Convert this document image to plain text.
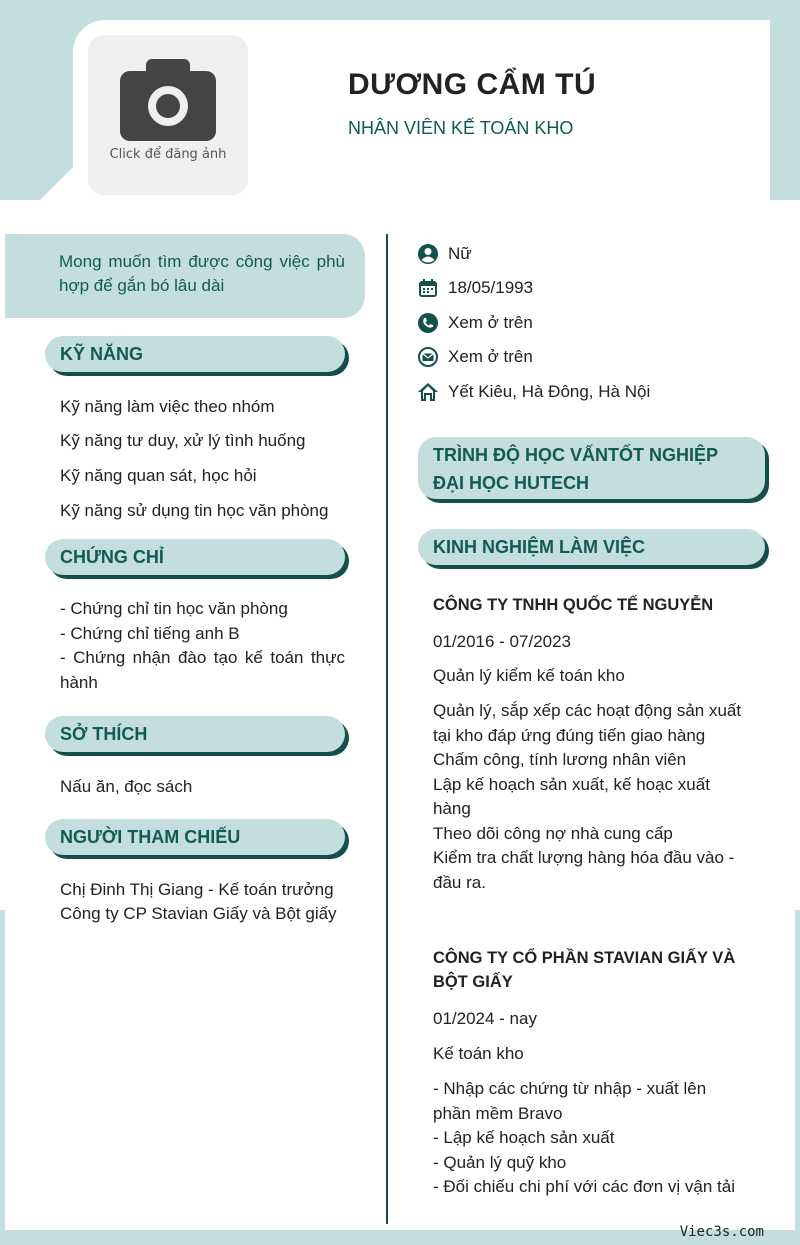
Click để đăng ảnh
DƯƠNG CẨM TÚ
NHÂN VIÊN KẾ TOÁN KHO
Mong muốn tìm được công việc phù hợp để gắn bó lâu dài
KỸ NĂNG
Kỹ năng làm việc theo nhóm
Kỹ năng tư duy, xử lý tình huống
Kỹ năng quan sát, học hỏi
Kỹ năng sử dụng tin học văn phòng
CHỨNG CHỈ
- Chứng chỉ tin học văn phòng
- Chứng chỉ tiếng anh B
- Chứng nhận đào tạo kế toán thực hành
SỞ THÍCH
Nấu ăn, đọc sách
NGƯỜI THAM CHIẾU
Chị Đinh Thị Giang - Kế toán trưởng
Công ty CP Stavian Giấy và Bột giấy
Nữ
18/05/1993
Xem ở trên
Xem ở trên
Yết Kiêu, Hà Đông, Hà Nội
TRÌNH ĐỘ HỌC VẤNTỐT NGHIỆP ĐẠI HỌC HUTECH
KINH NGHIỆM LÀM VIỆC
CÔNG TY TNHH QUỐC TẾ NGUYỄN
01/2016 - 07/2023
Quản lý kiểm kế toán kho
Quản lý, sắp xếp các hoạt động sản xuất tại kho đáp ứng đúng tiến giao hàng
Chấm công, tính lương nhân viên
Lập kế hoạch sản xuất, kế hoạc xuất hàng
Theo dõi công nợ nhà cung cấp
Kiểm tra chất lượng hàng hóa đầu vào - đầu ra.
CÔNG TY CỔ PHẦN STAVIAN GIẤY VÀ BỘT GIẤY
01/2024 - nay
Kế toán kho
- Nhập các chứng từ nhập - xuất lên phần mềm Bravo
- Lập kế hoạch sản xuất
- Quản lý quỹ kho
- Đối chiếu chi phí với các đơn vị vận tải
Viec3s.com
